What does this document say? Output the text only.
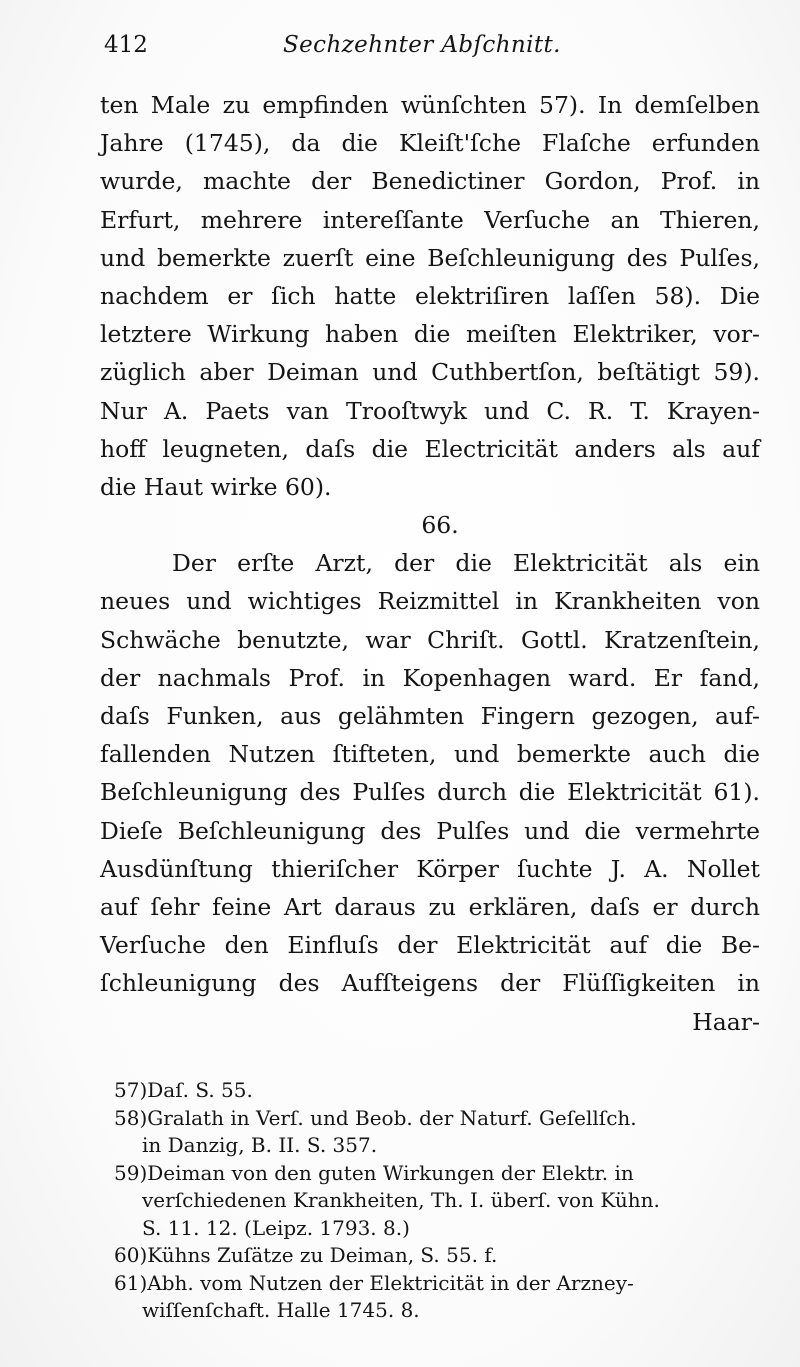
412	Sechzehnter Abſchnitt.
ten Male zu empfinden wünſchten 57). In demſelben
Jahre (1745), da die Kleiſt'ſche Flaſche erfunden
wurde, machte der Benedictiner Gordon, Prof. in
Erfurt, mehrere intereſſante Verſuche an Thieren,
und bemerkte zuerſt eine Beſchleunigung des Pulſes,
nachdem er ſich hatte elektriſiren laſſen 58). Die
letztere Wirkung haben die meiſten Elektriker, vor-
züglich aber Deiman und Cuthbertſon, beſtätigt 59).
Nur A. Paets van Trooſtwyk und C. R. T. Krayen-
hoff leugneten, daſs die Electricität anders als auf
die Haut wirke 60).
66.
Der erſte Arzt, der die Elektricität als ein
neues und wichtiges Reizmittel in Krankheiten von
Schwäche benutzte, war Chriſt. Gottl. Kratzenſtein,
der nachmals Prof. in Kopenhagen ward. Er fand,
daſs Funken, aus gelähmten Fingern gezogen, auf-
fallenden Nutzen ſtifteten, und bemerkte auch die
Beſchleunigung des Pulſes durch die Elektricität 61).
Dieſe Beſchleunigung des Pulſes und die vermehrte
Ausdünſtung thieriſcher Körper ſuchte J. A. Nollet
auf ſehr feine Art daraus zu erklären, daſs er durch
Verſuche den Einfluſs der Elektricität auf die Be-
ſchleunigung des Aufſteigens der Flüſſigkeiten in
Haar-
57)Daſ. S. 55.
58)Gralath in Verſ. und Beob. der Naturf. Geſellſch.
in Danzig, B. II. S. 357.
59)Deiman von den guten Wirkungen der Elektr. in
verſchiedenen Krankheiten, Th. I. überſ. von Kühn.
S. 11. 12. (Leipz. 1793. 8.)
60)Kühns Zuſätze zu Deiman, S. 55. f.
61)Abh. vom Nutzen der Elektricität in der Arzney-
wiſſenſchaft. Halle 1745. 8.
